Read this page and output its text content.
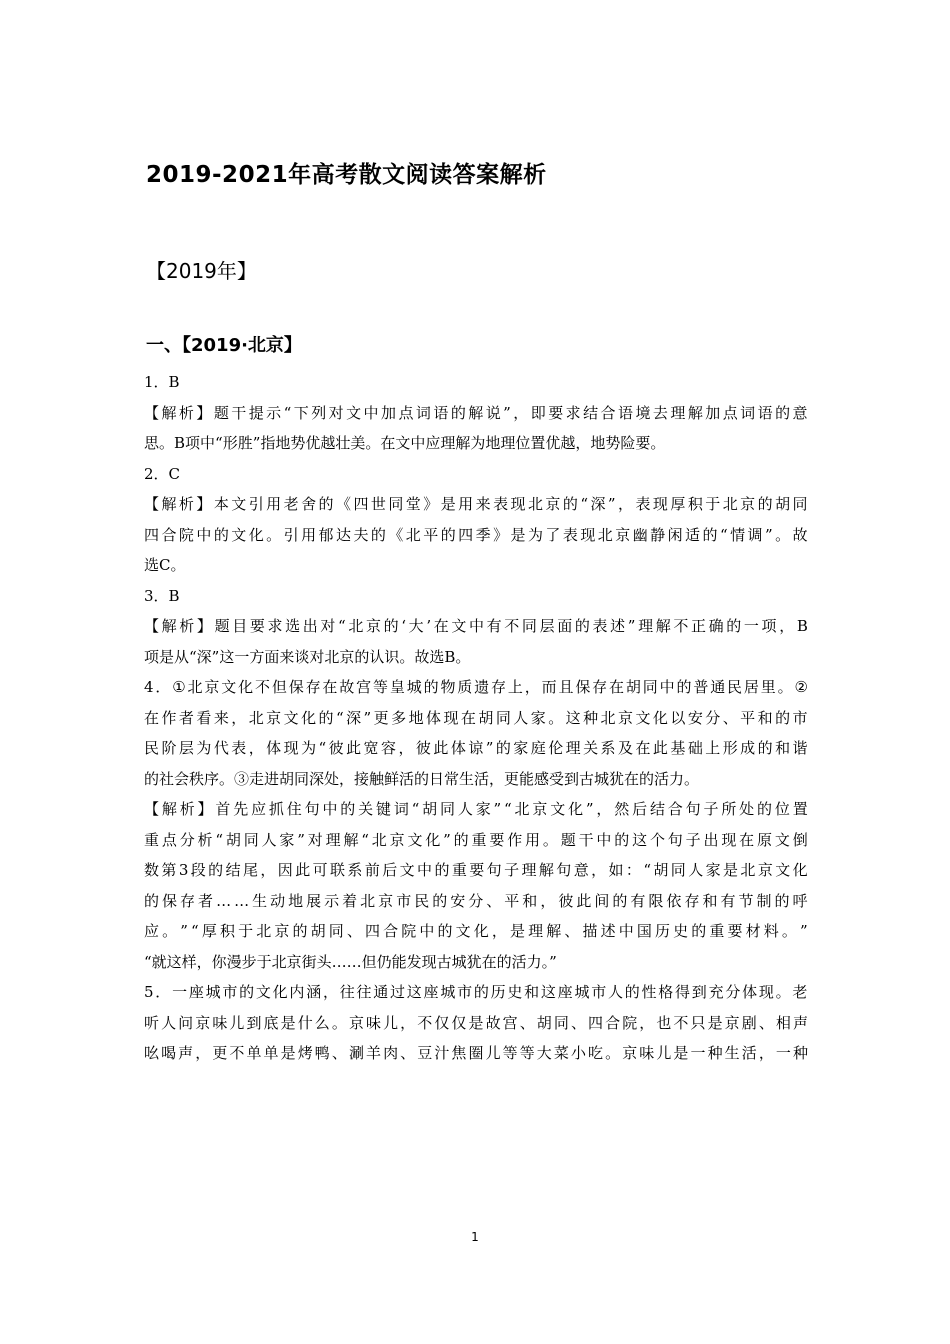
2019-2021年高考散文阅读答案解析
【2019年】
一、【2019·北京】
1．B
【 解 析 】 题 干 提 示 “ 下 列 对 文 中 加 点 词 语 的 解 说 ” ， 即 要 求 结 合 语 境 去 理 解 加 点 词 语 的 意
思。B项中“形胜”指地势优越壮美。在文中应理解为地理位置优越，地势险要。
2．C
【 解 析 】 本 文 引 用 老 舍 的 《 四 世 同 堂 》 是 用 来 表 现 北 京 的 “ 深 ” ， 表 现 厚 积 于 北 京 的 胡 同
四 合 院 中 的 文 化 。 引 用 郁 达 夫 的 《 北 平 的 四 季 》 是 为 了 表 现 北 京 幽 静 闲 适 的 “ 情 调 ” 。 故
选C。
3．B
【 解 析 】 题 目 要 求 选 出 对 “ 北 京 的 ‘ 大 ’ 在 文 中 有 不 同 层 面 的 表 述 ” 理 解 不 正 确 的 一 项 ， B
项是从“深”这一方面来谈对北京的认识。故选B。
4 ． ① 北 京 文 化 不 但 保 存 在 故 宫 等 皇 城 的 物 质 遗 存 上 ， 而 且 保 存 在 胡 同 中 的 普 通 民 居 里 。 ②
在 作 者 看 来 ， 北 京 文 化 的 “ 深 ” 更 多 地 体 现 在 胡 同 人 家 。 这 种 北 京 文 化 以 安 分 、 平 和 的 市
民 阶 层 为 代 表 ， 体 现 为 “ 彼 此 宽 容 ， 彼 此 体 谅 ” 的 家 庭 伦 理 关 系 及 在 此 基 础 上 形 成 的 和 谐
的社会秩序。③走进胡同深处，接触鲜活的日常生活，更能感受到古城犹在的活力。
【 解 析 】 首 先 应 抓 住 句 中 的 关 键 词 “ 胡 同 人 家 ” “ 北 京 文 化 ” ， 然 后 结 合 句 子 所 处 的 位 置
重 点 分 析 “ 胡 同 人 家 ” 对 理 解 “ 北 京 文 化 ” 的 重 要 作 用 。 题 干 中 的 这 个 句 子 出 现 在 原 文 倒
数 第 3 段 的 结 尾 ， 因 此 可 联 系 前 后 文 中 的 重 要 句 子 理 解 句 意 ， 如 ： “ 胡 同 人 家 是 北 京 文 化
的 保 存 者 … … 生 动 地 展 示 着 北 京 市 民 的 安 分 、 平 和 ， 彼 此 间 的 有 限 依 存 和 有 节 制 的 呼
应 。 ” “ 厚 积 于 北 京 的 胡 同 、 四 合 院 中 的 文 化 ， 是 理 解 、 描 述 中 国 历 史 的 重 要 材 料 。 ”
“就这样，你漫步于北京街头……但仍能发现古城犹在的活力。”
5 ． 一 座 城 市 的 文 化 内 涵 ， 往 往 通 过 这 座 城 市 的 历 史 和 这 座 城 市 人 的 性 格 得 到 充 分 体 现 。 老
听 人 问 京 味 儿 到 底 是 什 么 。 京 味 儿 ， 不 仅 仅 是 故 宫 、 胡 同 、 四 合 院 ， 也 不 只 是 京 剧 、 相 声
吆 喝 声 ， 更 不 单 单 是 烤 鸭 、 涮 羊 肉 、 豆 汁 焦 圈 儿 等 等 大 菜 小 吃 。 京 味 儿 是 一 种 生 活 ， 一 种
1
